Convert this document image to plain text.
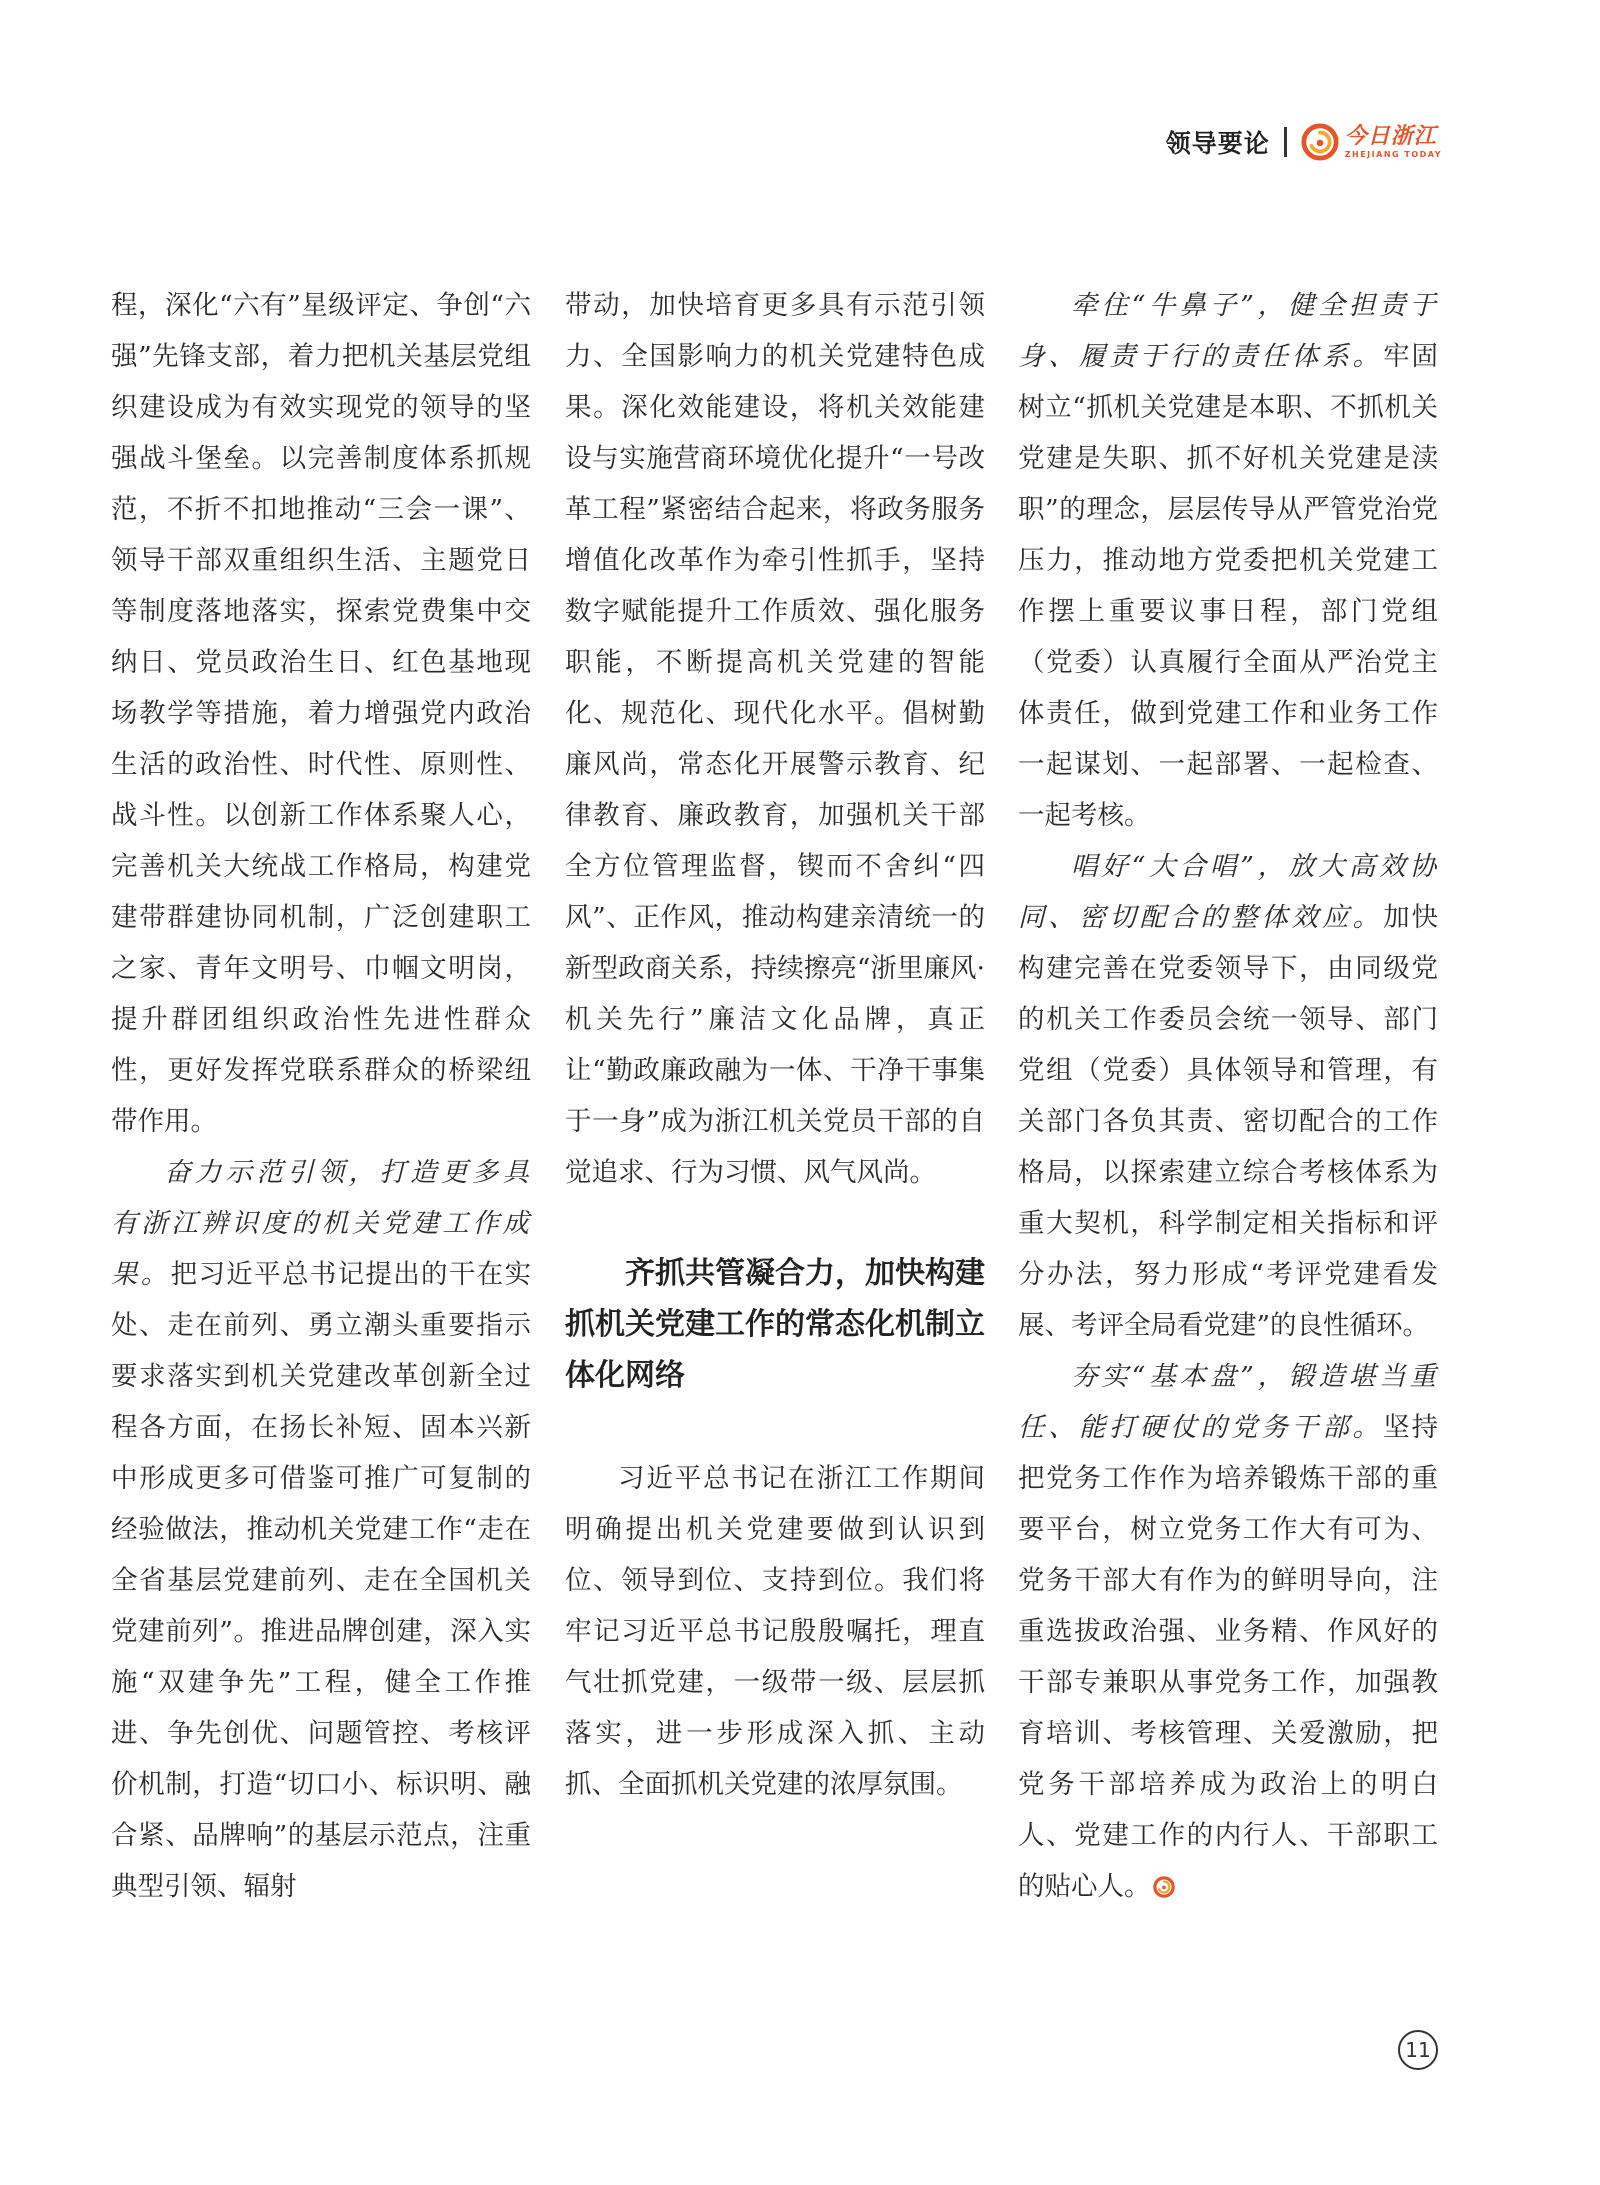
领导要论	今日浙江
ZHEJIANG TODAY

程，深化“六有”星级评定、争创“六强”先锋支部，着力把机关基层党组织建设成为有效实现党的领导的坚强战斗堡垒。以完善制度体系抓规范，不折不扣地推动“三会一课”、领导干部双重组织生活、主题党日等制度落地落实，探索党费集中交纳日、党员政治生日、红色基地现场教学等措施，着力增强党内政治生活的政治性、时代性、原则性、战斗性。以创新工作体系聚人心，完善机关大统战工作格局，构建党建带群建协同机制，广泛创建职工之家、青年文明号、巾帼文明岗，提升群团组织政治性先进性群众性，更好发挥党联系群众的桥梁纽带作用。

奋力示范引领，打造更多具有浙江辨识度的机关党建工作成果。把习近平总书记提出的干在实处、走在前列、勇立潮头重要指示要求落实到机关党建改革创新全过程各方面，在扬长补短、固本兴新中形成更多可借鉴可推广可复制的经验做法，推动机关党建工作“走在全省基层党建前列、走在全国机关党建前列”。推进品牌创建，深入实施“双建争先”工程，健全工作推进、争先创优、问题管控、考核评价机制，打造“切口小、标识明、融合紧、品牌响”的基层示范点，注重典型引领、辐射

带动，加快培育更多具有示范引领力、全国影响力的机关党建特色成果。深化效能建设，将机关效能建设与实施营商环境优化提升“一号改革工程”紧密结合起来，将政务服务增值化改革作为牵引性抓手，坚持数字赋能提升工作质效、强化服务职能，不断提高机关党建的智能化、规范化、现代化水平。倡树勤廉风尚，常态化开展警示教育、纪律教育、廉政教育，加强机关干部全方位管理监督，锲而不舍纠“四风”、正作风，推动构建亲清统一的新型政商关系，持续擦亮“浙里廉风·机关先行”廉洁文化品牌，真正让“勤政廉政融为一体、干净干事集于一身”成为浙江机关党员干部的自觉追求、行为习惯、风气风尚。

齐抓共管凝合力，加快构建抓机关党建工作的常态化机制立体化网络

习近平总书记在浙江工作期间明确提出机关党建要做到认识到位、领导到位、支持到位。我们将牢记习近平总书记殷殷嘱托，理直气壮抓党建，一级带一级、层层抓落实，进一步形成深入抓、主动抓、全面抓机关党建的浓厚氛围。

牵住“牛鼻子”，健全担责于身、履责于行的责任体系。牢固树立“抓机关党建是本职、不抓机关党建是失职、抓不好机关党建是渎职”的理念，层层传导从严管党治党压力，推动地方党委把机关党建工作摆上重要议事日程，部门党组（党委）认真履行全面从严治党主体责任，做到党建工作和业务工作一起谋划、一起部署、一起检查、一起考核。

唱好“大合唱”，放大高效协同、密切配合的整体效应。加快构建完善在党委领导下，由同级党的机关工作委员会统一领导、部门党组（党委）具体领导和管理，有关部门各负其责、密切配合的工作格局，以探索建立综合考核体系为重大契机，科学制定相关指标和评分办法，努力形成“考评党建看发展、考评全局看党建”的良性循环。

夯实“基本盘”，锻造堪当重任、能打硬仗的党务干部。坚持把党务工作作为培养锻炼干部的重要平台，树立党务工作大有可为、党务干部大有作为的鲜明导向，注重选拔政治强、业务精、作风好的干部专兼职从事党务工作，加强教育培训、考核管理、关爱激励，把党务干部培养成为政治上的明白人、党建工作的内行人、干部职工的贴心人。

11
